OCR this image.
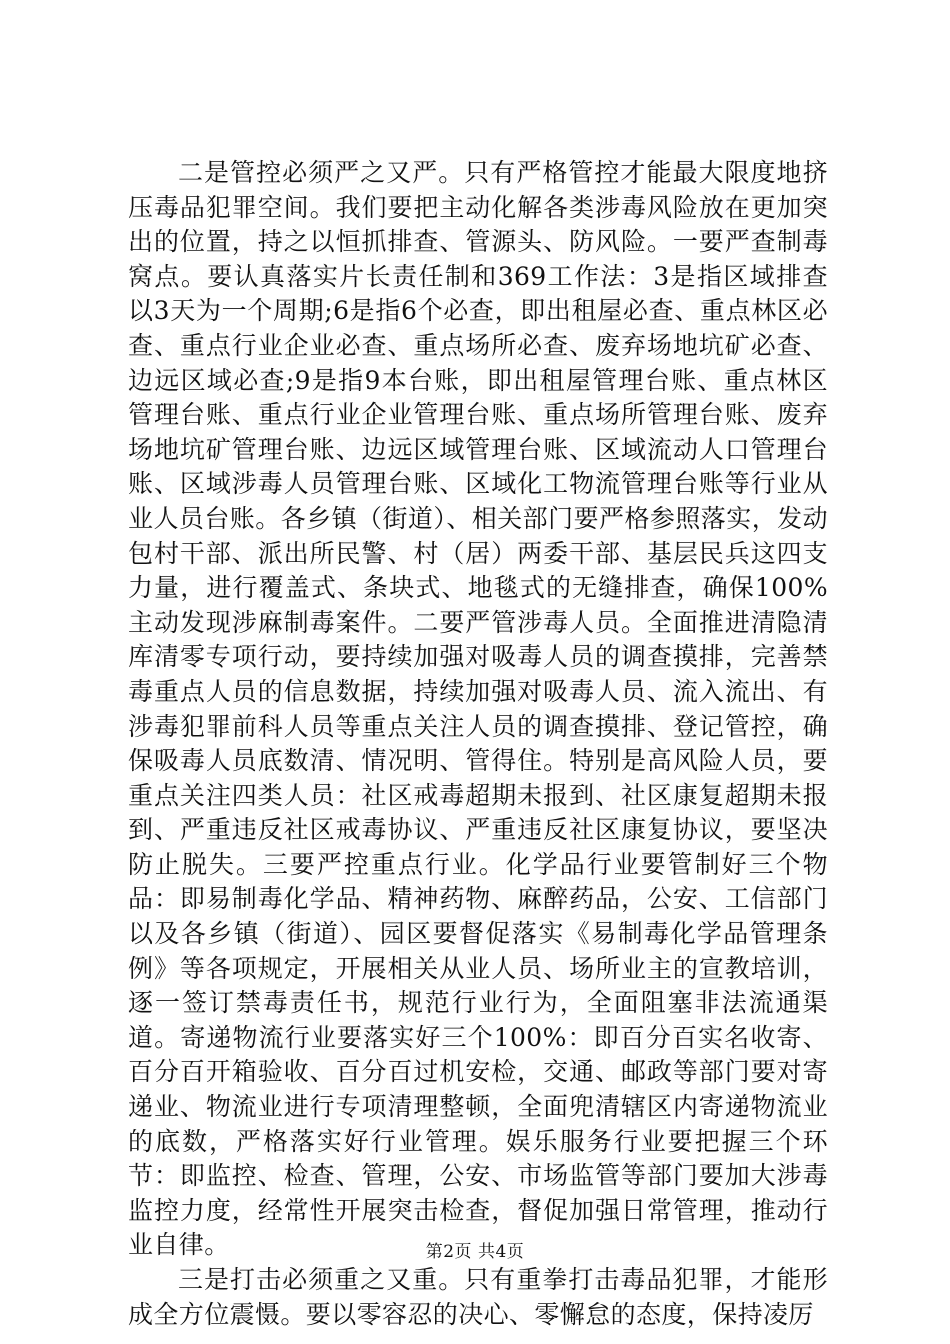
二是管控必须严之又严。只有严格管控才能最大限度地挤压毒品犯罪空间。我们要把主动化解各类涉毒风险放在更加突出的位置，持之以恒抓排查、管源头、防风险。一要严查制毒窝点。要认真落实片长责任制和369工作法：3是指区域排查以3天为一个周期;6是指6个必查，即出租屋必查、重点林区必查、重点行业企业必查、重点场所必查、废弃场地坑矿必查、边远区域必查;9是指9本台账，即出租屋管理台账、重点林区管理台账、重点行业企业管理台账、重点场所管理台账、废弃场地坑矿管理台账、边远区域管理台账、区域流动人口管理台账、区域涉毒人员管理台账、区域化工物流管理台账等行业从业人员台账。各乡镇（街道）、相关部门要严格参照落实，发动包村干部、派出所民警、村（居）两委干部、基层民兵这四支力量，进行覆盖式、条块式、地毯式的无缝排查，确保100%主动发现涉麻制毒案件。二要严管涉毒人员。全面推进清隐清库清零专项行动，要持续加强对吸毒人员的调查摸排，完善禁毒重点人员的信息数据，持续加强对吸毒人员、流入流出、有涉毒犯罪前科人员等重点关注人员的调查摸排、登记管控，确保吸毒人员底数清、情况明、管得住。特别是高风险人员，要重点关注四类人员：社区戒毒超期未报到、社区康复超期未报到、严重违反社区戒毒协议、严重违反社区康复协议，要坚决防止脱失。三要严控重点行业。化学品行业要管制好三个物品：即易制毒化学品、精神药物、麻醉药品，公安、工信部门以及各乡镇（街道）、园区要督促落实《易制毒化学品管理条例》等各项规定，开展相关从业人员、场所业主的宣教培训，逐一签订禁毒责任书，规范行业行为，全面阻塞非法流通渠道。寄递物流行业要落实好三个100%：即百分百实名收寄、百分百开箱验收、百分百过机安检，交通、邮政等部门要对寄递业、物流业进行专项清理整顿，全面兜清辖区内寄递物流业的底数，严格落实好行业管理。娱乐服务行业要把握三个环节：即监控、检查、管理，公安、市场监管等部门要加大涉毒监控力度，经常性开展突击检查，督促加强日常管理，推动行业自律。

三是打击必须重之又重。只有重拳打击毒品犯罪，才能形成全方位震慑。要以零容忍的决心、零懈怠的态度，保持凌厉

第2页 共4页
